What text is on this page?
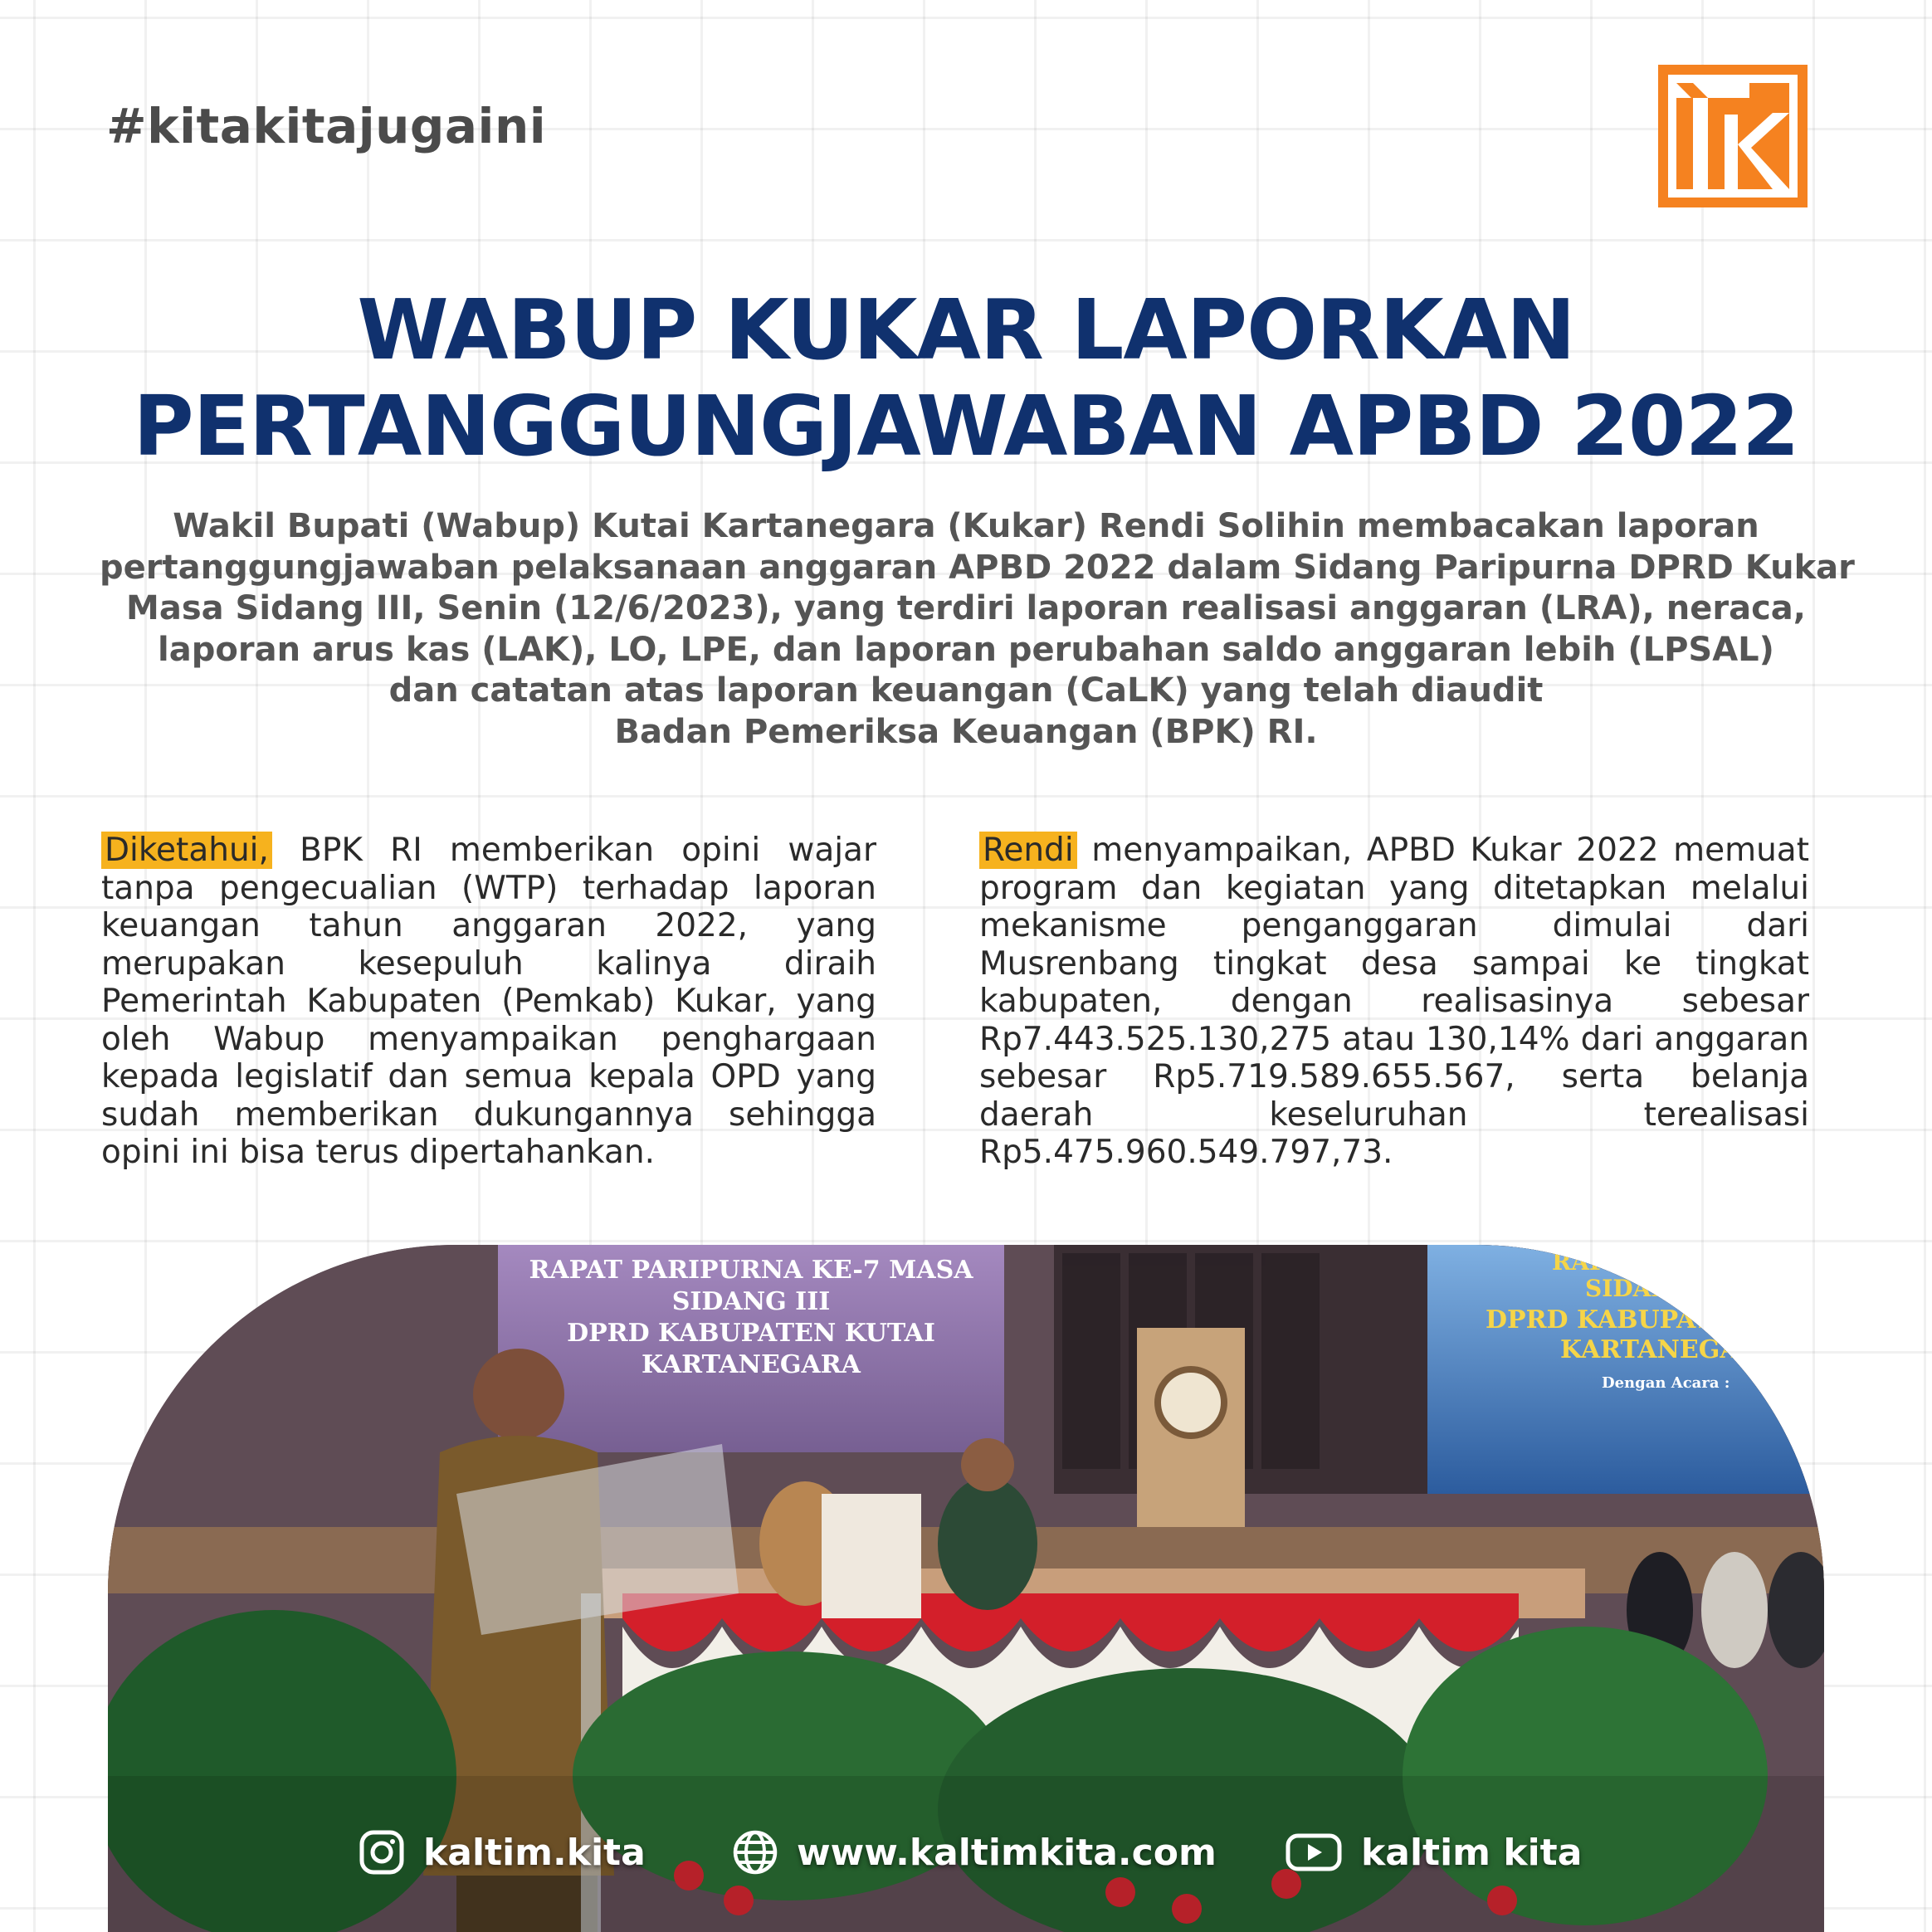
#kitakitajugaini
WABUP KUKAR LAPORKAN
PERTANGGUNGJAWABAN APBD 2022
Wakil Bupati (Wabup) Kutai Kartanegara (Kukar) Rendi Solihin membacakan laporan
pertanggungjawaban pelaksanaan anggaran APBD 2022 dalam Sidang Paripurna DPRD Kukar
Masa Sidang III, Senin (12/6/2023), yang terdiri laporan realisasi anggaran (LRA), neraca,
laporan arus kas (LAK), LO, LPE, dan laporan perubahan saldo anggaran lebih (LPSAL)
dan catatan atas laporan keuangan (CaLK) yang telah diaudit
Badan Pemeriksa Keuangan (BPK) RI.
Diketahui, BPK RI memberikan opini wajar tanpa pengecualian (WTP) terhadap laporan keuangan tahun anggaran 2022, yang merupakan kesepuluh kalinya diraih Pemerintah Kabupaten (Pemkab) Kukar, yang oleh Wabup menyampaikan penghargaan kepada legislatif dan semua kepala OPD yang sudah memberikan dukungannya sehingga opini ini bisa terus dipertahankan.
Rendi menyampaikan, APBD Kukar 2022 memuat program dan kegiatan yang ditetapkan melalui mekanisme penganggaran dimulai dari Musrenbang tingkat desa sampai ke tingkat kabupaten, dengan realisasinya sebesar Rp7.443.525.130,275 atau 130,14% dari anggaran sebesar Rp5.719.589.655.567, serta belanja daerah keseluruhan terealisasi Rp5.475.960.549.797,73.
RAPAT PARIPURNA KE-7 MASA
SIDANG III
DPRD KABUPATEN KUTAI
KARTANEGARA
RAPAT PAR
SIDAN
DPRD KABUPATE
KARTANEGA
Dengan Acara :
kaltim.kita	www.kaltimkita.com	kaltim kita
